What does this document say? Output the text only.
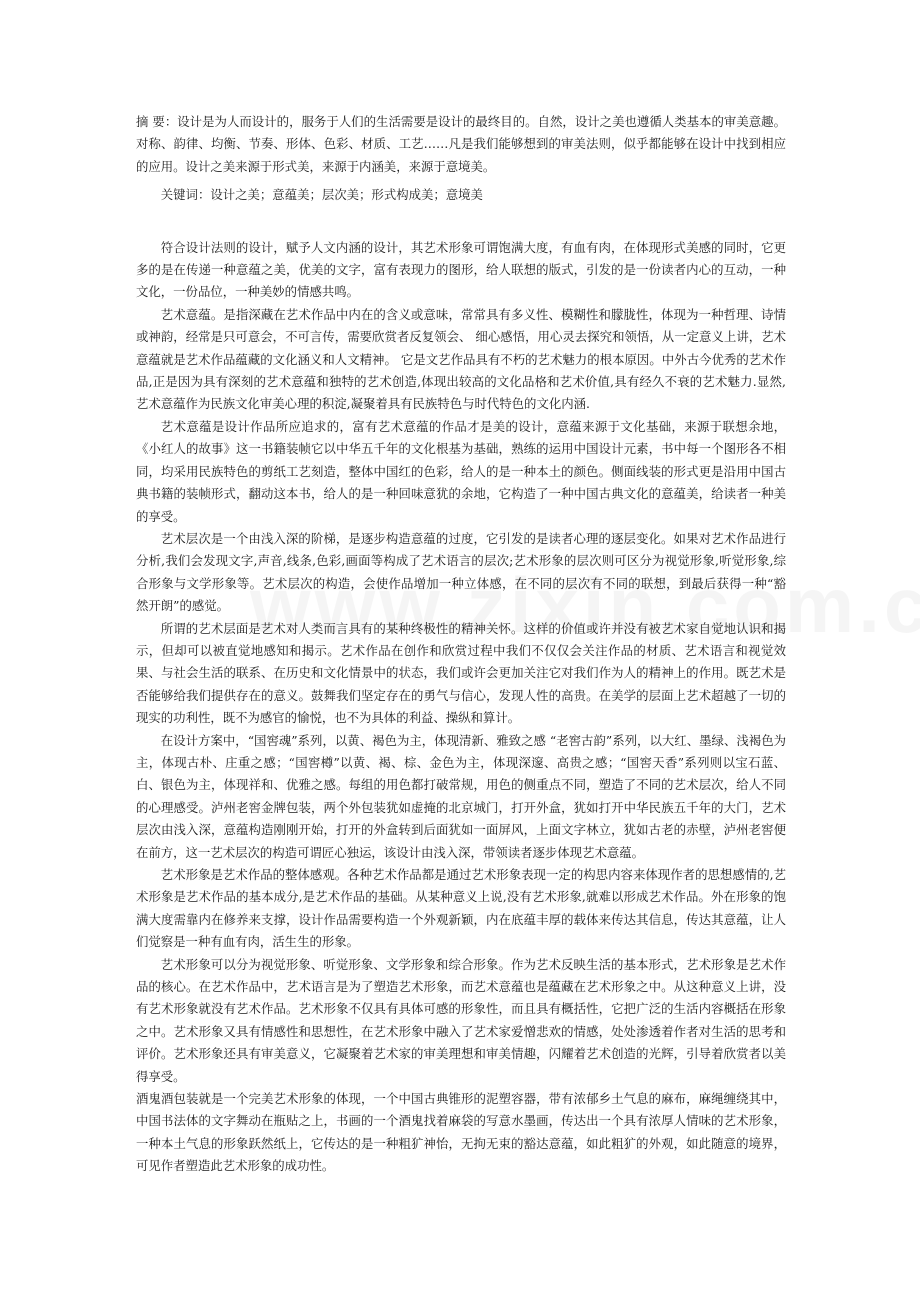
摘 要：设计是为人而设计的，服务于人们的生活需要是设计的最终目的。自然，设计之美也遵循人类基本的审美意趣。对称、韵律、均衡、节奏、形体、色彩、材质、工艺……凡是我们能够想到的审美法则，似乎都能够在设计中找到相应的应用。设计之美来源于形式美，来源于内涵美，来源于意境美。

关键词：设计之美；意蕴美；层次美；形式构成美；意境美

符合设计法则的设计，赋予人文内涵的设计，其艺术形象可谓饱满大度，有血有肉，在体现形式美感的同时，它更多的是在传递一种意蕴之美，优美的文字，富有表现力的图形，给人联想的版式，引发的是一份读者内心的互动，一种文化，一份品位，一种美妙的情感共鸣。

艺术意蕴。是指深藏在艺术作品中内在的含义或意味，常常具有多义性、模糊性和朦胧性，体现为一种哲理、诗情或神韵，经常是只可意会，不可言传，需要欣赏者反复领会、 细心感悟，用心灵去探究和领悟，从一定意义上讲，艺术意蕴就是艺术作品蕴藏的文化涵义和人文精神。 它是文艺作品具有不朽的艺术魅力的根本原因。中外古今优秀的艺术作品,正是因为具有深刻的艺术意蕴和独特的艺术创造,体现出较高的文化品格和艺术价值,具有经久不衰的艺术魅力.显然,艺术意蕴作为民族文化审美心理的积淀,凝聚着具有民族特色与时代特色的文化内涵.

艺术意蕴是设计作品所应追求的，富有艺术意蕴的作品才是美的设计，意蕴来源于文化基础，来源于联想余地，《小红人的故事》这一书籍装帧它以中华五千年的文化根基为基础，熟练的运用中国设计元素，书中每一个图形各不相同，均采用民族特色的剪纸工艺刻造，整体中国红的色彩，给人的是一种本土的颜色。侧面线装的形式更是沿用中国古典书籍的装帧形式，翻动这本书，给人的是一种回味意犹的余地，它构造了一种中国古典文化的意蕴美，给读者一种美的享受。

艺术层次是一个由浅入深的阶梯，是逐步构造意蕴的过度，它引发的是读者心理的逐层变化。如果对艺术作品进行分析,我们会发现文字,声音,线条,色彩,画面等构成了艺术语言的层次;艺术形象的层次则可区分为视觉形象,听觉形象,综合形象与文学形象等。艺术层次的构造，会使作品增加一种立体感，在不同的层次有不同的联想，到最后获得一种“豁然开朗”的感觉。

所谓的艺术层面是艺术对人类而言具有的某种终极性的精神关怀。这样的价值或许并没有被艺术家自觉地认识和揭示，但却可以被直觉地感知和揭示。艺术作品在创作和欣赏过程中我们不仅仅会关注作品的材质、艺术语言和视觉效果、与社会生活的联系、在历史和文化情景中的状态，我们或许会更加关注它对我们作为人的精神上的作用。既艺术是否能够给我们提供存在的意义。鼓舞我们坚定存在的勇气与信心，发现人性的高贵。在美学的层面上艺术超越了一切的现实的功利性，既不为感官的愉悦，也不为具体的利益、操纵和算计。

在设计方案中，“国窖魂”系列，以黄、褐色为主，体现清新、雅致之感 “老窖古韵”系列，以大红、墨绿、浅褐色为主，体现古朴、庄重之感；“国窖樽”以黄、褐、棕、金色为主，体现深邃、高贵之感；“国窖天香”系列则以宝石蓝、白、银色为主，体现祥和、优雅之感。每组的用色都打破常规，用色的侧重点不同，塑造了不同的艺术层次，给人不同的心理感受。泸州老窖金牌包装，两个外包装犹如虚掩的北京城门，打开外盒，犹如打开中华民族五千年的大门，艺术层次由浅入深，意蕴构造刚刚开始，打开的外盒转到后面犹如一面屏风，上面文字林立，犹如古老的赤壁，泸州老窖便在前方，这一艺术层次的构造可谓匠心独运，该设计由浅入深，带领读者逐步体现艺术意蕴。

艺术形象是艺术作品的整体感观。各种艺术作品都是通过艺术形象表现一定的构思内容来体现作者的思想感情的,艺术形象是艺术作品的基本成分,是艺术作品的基础。从某种意义上说,没有艺术形象,就难以形成艺术作品。外在形象的饱满大度需靠内在修养来支撑，设计作品需要构造一个外观新颖，内在底蕴丰厚的载体来传达其信息，传达其意蕴，让人们觉察是一种有血有肉，活生生的形象。

艺术形象可以分为视觉形象、听觉形象、文学形象和综合形象。作为艺术反映生活的基本形式，艺术形象是艺术作品的核心。在艺术作品中，艺术语言是为了塑造艺术形象，而艺术意蕴也是蕴藏在艺术形象之中。从这种意义上讲，没有艺术形象就没有艺术作品。艺术形象不仅具有具体可感的形象性，而且具有概括性，它把广泛的生活内容概括在形象之中。艺术形象又具有情感性和思想性，在艺术形象中融入了艺术家爱憎悲欢的情感，处处渗透着作者对生活的思考和评价。艺术形象还具有审美意义，它凝聚着艺术家的审美理想和审美情趣，闪耀着艺术创造的光辉，引导着欣赏者以美得享受。

酒鬼酒包装就是一个完美艺术形象的体现，一个中国古典锥形的泥塑容器，带有浓郁乡土气息的麻布，麻绳缠绕其中，中国书法体的文字舞动在瓶贴之上，书画的一个酒鬼找着麻袋的写意水墨画，传达出一个具有浓厚人情味的艺术形象，一种本土气息的形象跃然纸上，它传达的是一种粗犷神怡，无拘无束的豁达意蕴，如此粗犷的外观，如此随意的境界，可见作者塑造此艺术形象的成功性。
